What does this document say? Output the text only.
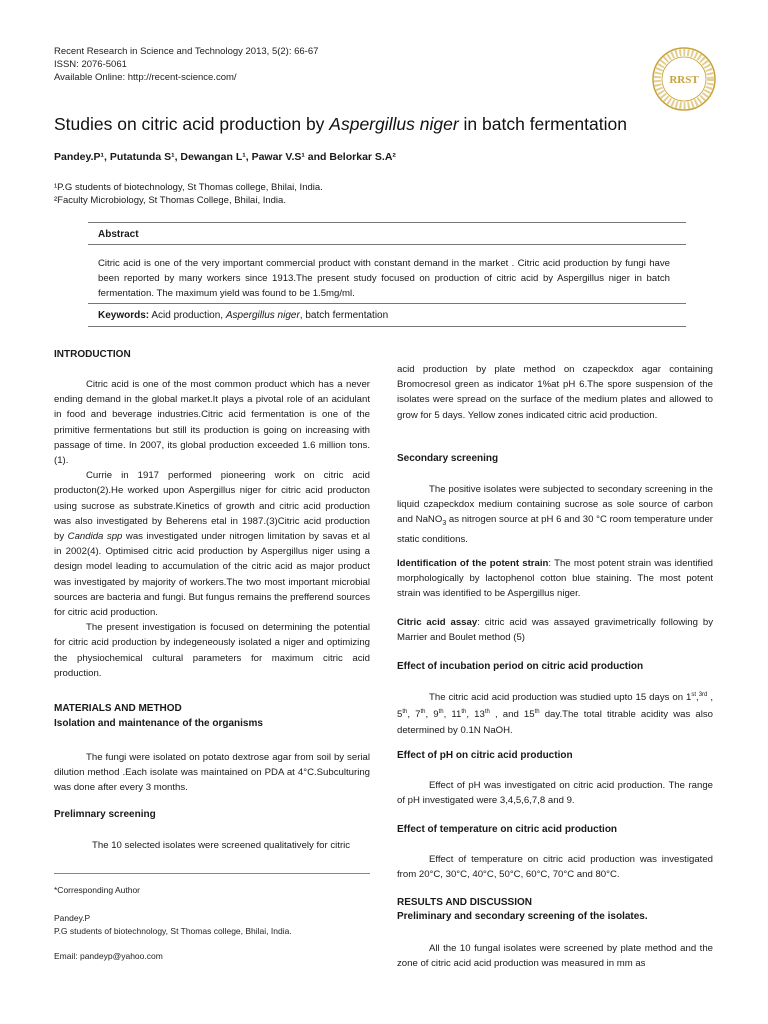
Recent Research in Science and Technology 2013, 5(2): 66-67
ISSN: 2076-5061
Available Online: http://recent-science.com/	RRST
Studies on citric acid production by Aspergillus niger in batch fermentation
Pandey.P¹, Putatunda S¹, Dewangan L¹, Pawar V.S¹ and Belorkar S.A²
¹P.G students of biotechnology, St Thomas college, Bhilai, India.
²Faculty Microbiology, St Thomas College, Bhilai, India.
Abstract
Citric acid is one of the very important commercial product with constant demand in the market . Citric acid production by fungi have been reported by many workers since 1913.The present study focused on production of citric acid by Aspergillus niger in batch fermentation. The maximum yield was found to be 1.5mg/ml.
Keywords: Acid production, Aspergillus niger, batch fermentation
INTRODUCTION

Citric acid is one of the most common product which has a never ending demand in the global market.It plays a pivotal role of an acidulant in food and beverage industries.Citric acid fermentation is one of the primitive fermentations but still its production is going on increasing with passage of time. In 2007, its global production exceeded 1.6 million tons.(1).

Currie in 1917 performed pioneering work on citric acid producton(2).He worked upon Aspergillus niger for citric acid producton using sucrose as substrate.Kinetics of growth and citric acid production was also investigated by Beherens etal in 1987.(3)Citric acid production by Candida spp was investigated under nitrogen limitation by savas et al in 2002(4). Optimised citric acid production by Aspergillus niger using a design model leading to accumulation of the citric acid as major product was investigated by majority of workers.The two most important microbial sources are bacteria and fungi. But fungus remains the prefferend sources for citric acid production.

The present investigation is focused on determining the potential for citric acid production by indegeneously isolated a niger and optimizing the physiochemical cultural parameters for maximum citric acid production.

MATERIALS AND METHOD
Isolation and maintenance of the organisms

The fungi were isolated on potato dextrose agar from soil by serial dilution method .Each isolate was maintained on PDA at 4°C.Subculturing was done after every 3 months.

Prelimnary screening

The 10 selected isolates were screened qualitatively for citric

*Corresponding Author
Pandey.P
P.G students of biotechnology, St Thomas college, Bhilai, India.
Email: pandeyp@yahoo.com

acid production by plate method on czapeckdox agar containing Bromocresol green as indicator 1%at pH 6.The spore suspension of the isolates were spread on the surface of the medium plates and allowed to grow for 5 days. Yellow zones indicated citric acid production.

Secondary screening

The positive isolates were subjected to secondary screening in the liquid czapeckdox medium containing sucrose as sole source of carbon and NaNO$_3$ as nitrogen source at pH 6 and 30 °C room temperature under static conditions.

Identification of the potent strain: The most potent strain was identified morphologically by lactophenol cotton blue staining. The most potent strain was identified to be Aspergillus niger.

Citric acid assay: citric acid was assayed gravimetrically following by Marrier and Boulet method (5)

Effect of incubation period on citric acid production

The citric acid acid production was studied upto 15 days on 1st,$^{3rd}$ , 5th, 7th, 9th, 11th, 13th , and 15th day.The total titrable acidity was also determined by 0.1N NaOH.

Effect of pH on citric acid production

Effect of pH was investigated on citric acid production. The range of pH investigated were 3,4,5,6,7,8 and 9.

Effect of temperature on citric acid production

Effect of temperature on citric acid production was investigated from 20°C, 30°C, 40°C, 50°C, 60°C, 70°C and 80°C.

RESULTS AND DISCUSSION
Preliminary and secondary screening of the isolates.

All the 10 fungal isolates were screened by plate method and the zone of citric acid acid production was measured in mm as
